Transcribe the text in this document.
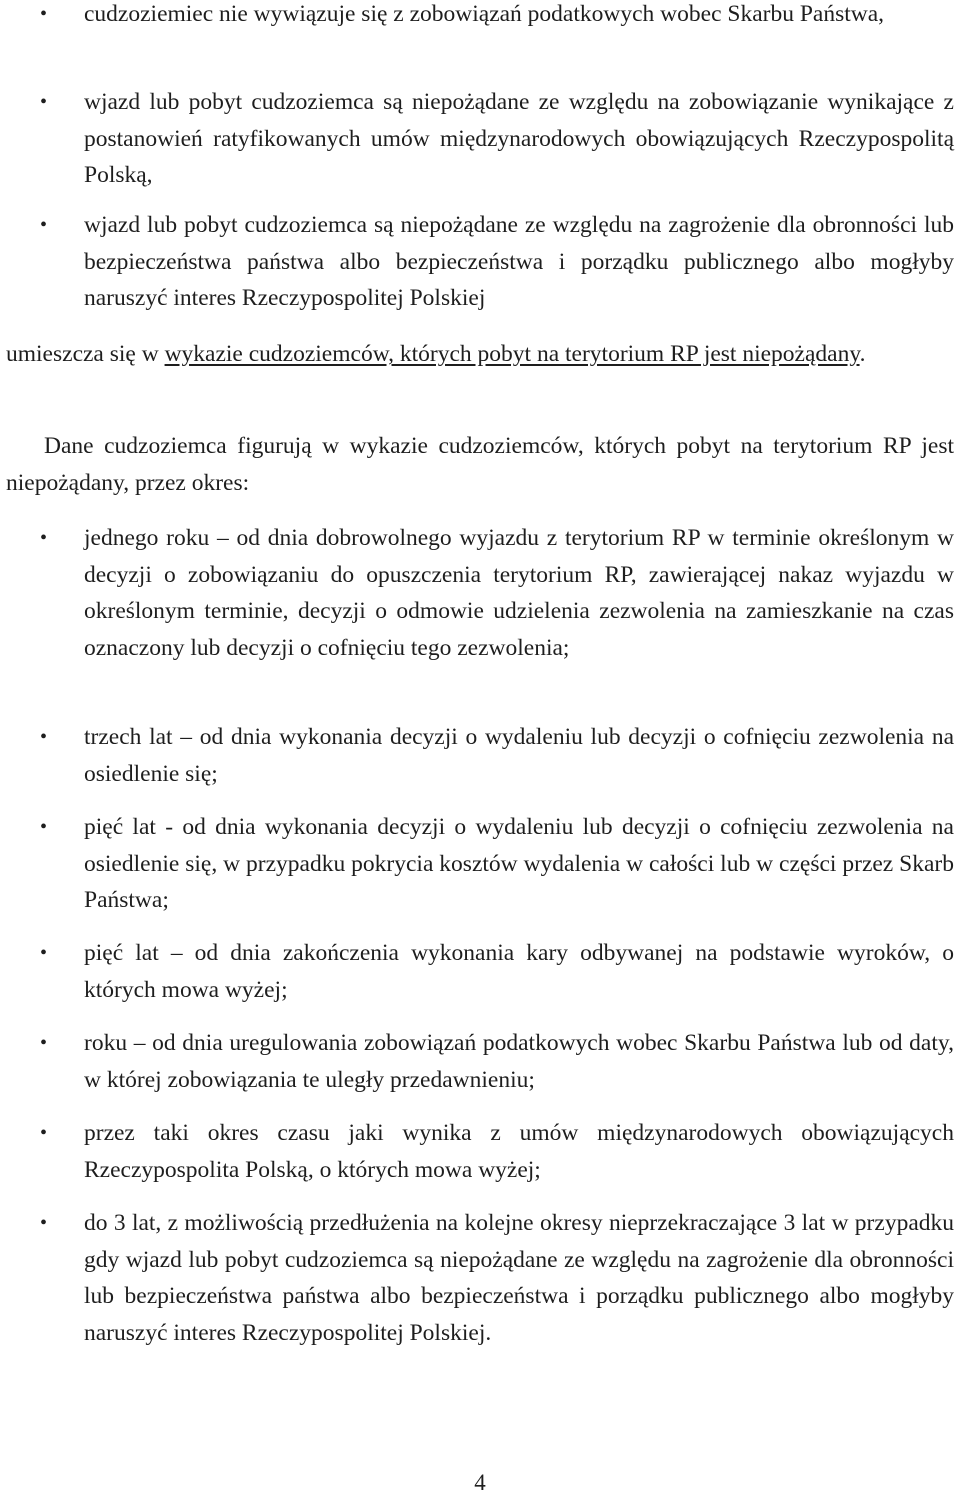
• cudzoziemiec nie wywiązuje się z zobowiązań podatkowych wobec Skarbu Państwa,
• wjazd lub pobyt cudzoziemca są niepożądane ze względu na zobowiązanie wynikające z postanowień ratyfikowanych umów międzynarodowych obowiązujących Rzeczypospolitą Polską,
• wjazd lub pobyt cudzoziemca są niepożądane ze względu na zagrożenie dla obronności lub bezpieczeństwa państwa albo bezpieczeństwa i porządku publicznego albo mogłyby naruszyć interes Rzeczypospolitej Polskiej

umieszcza się w wykazie cudzoziemców, których pobyt na terytorium RP jest niepożądany.

Dane cudzoziemca figurują w wykazie cudzoziemców, których pobyt na terytorium RP jest niepożądany, przez okres:

• jednego roku – od dnia dobrowolnego wyjazdu z terytorium RP w terminie określonym w decyzji o zobowiązaniu do opuszczenia terytorium RP, zawierającej nakaz wyjazdu w określonym terminie, decyzji o odmowie udzielenia zezwolenia na zamieszkanie na czas oznaczony lub decyzji o cofnięciu tego zezwolenia;
• trzech lat – od dnia wykonania decyzji o wydaleniu lub decyzji o cofnięciu zezwolenia na osiedlenie się;
• pięć lat - od dnia wykonania decyzji o wydaleniu lub decyzji o cofnięciu zezwolenia na osiedlenie się, w przypadku pokrycia kosztów wydalenia w całości lub w części przez Skarb Państwa;
• pięć lat – od dnia zakończenia wykonania kary odbywanej na podstawie wyroków, o których mowa wyżej;
• roku – od dnia uregulowania zobowiązań podatkowych wobec Skarbu Państwa lub od daty, w której zobowiązania te uległy przedawnieniu;
• przez taki okres czasu jaki wynika z umów międzynarodowych obowiązujących Rzeczypospolita Polską, o których mowa wyżej;
• do 3 lat, z możliwością przedłużenia na kolejne okresy nieprzekraczające 3 lat w przypadku gdy wjazd lub pobyt cudzoziemca są niepożądane ze względu na zagrożenie dla obronności lub bezpieczeństwa państwa albo bezpieczeństwa i porządku publicznego albo mogłyby naruszyć interes Rzeczypospolitej Polskiej.
4
